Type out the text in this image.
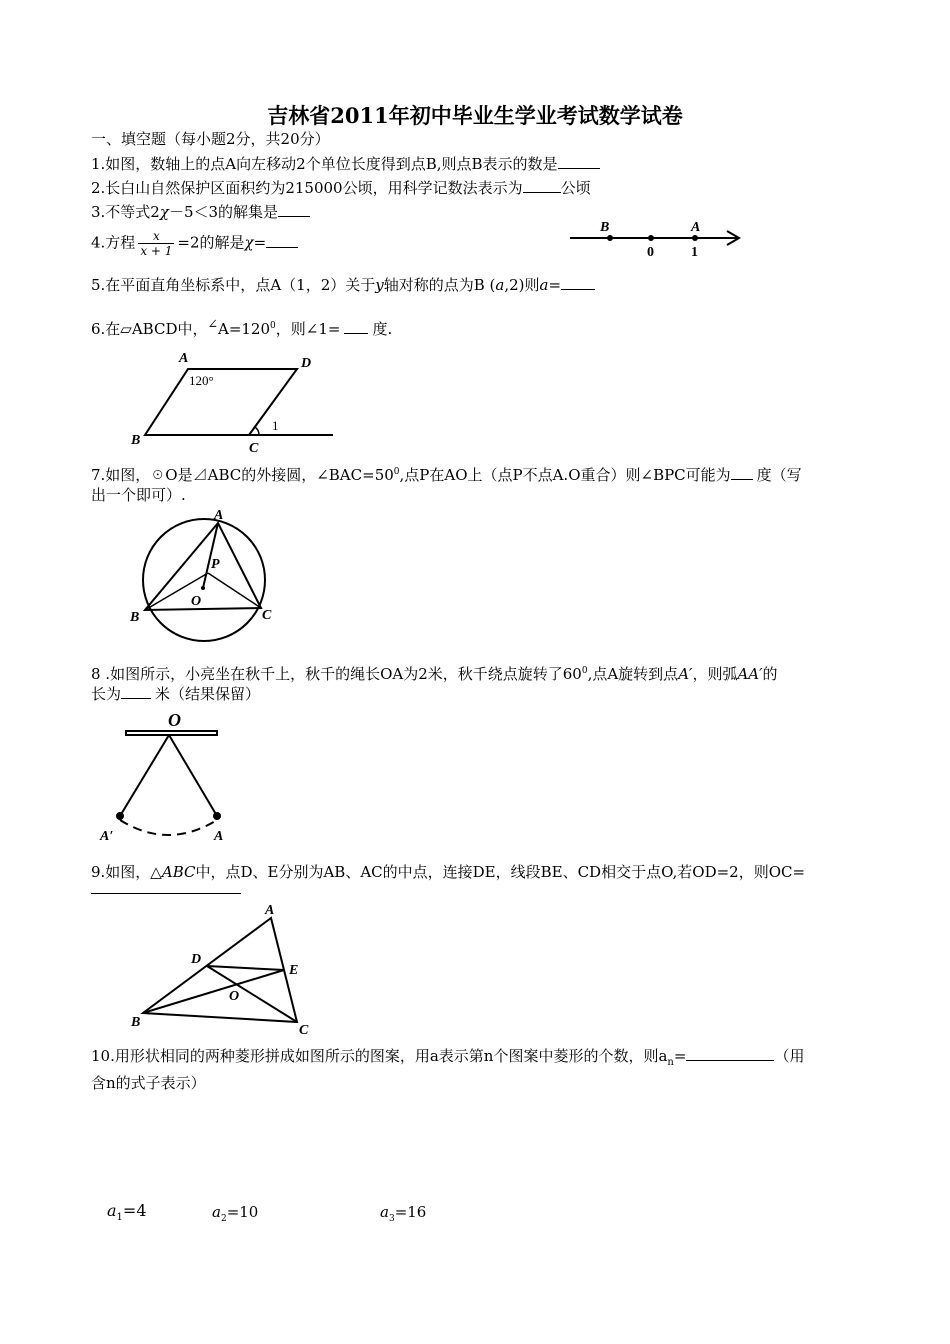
吉林省2011年初中毕业生学业考试数学试卷
一、填空题（每小题2分，共20分）
1.如图，数轴上的点A向左移动2个单位长度得到点B,则点B表示的数是
2.长白山自然保护区面积约为215000公顷，用科学记数法表示为	公顷
3.不等式2χ－5＜3的解集是
4.方程 $\frac{x}{x + 1} =2$的解是χ=
B	A
0	1
5.在平面直角坐标系中，点A（1，2）关于y轴对称的点为B (a,2)则a=
6.在▱ABCD中，$^\angle A=120^0$，则∠1= 度.
A	D
B
C
120°
1
7.如图，☉O是⊿ABC的外接圆，$\angle BAC=50^0$,点P在AO上（点P不点A.O重合）则∠BPC可能为 度（写
出一个即可）.
A
B	C
P
O
8 .如图所示，小亮坐在秋千上，秋千的绳长OA为2米，秋千绕点旋转了$60^0$,点A旋转到点A′，则弧AA′的
长为 米（结果保留）
O
A′	A
9.如图，△ABC中，点D、E分别为AB、AC的中点，连接DE，线段BE、CD相交于点O,若OD=2，则OC=
A
B
C
D
E
O
10.用形状相同的两种菱形拼成如图所示的图案，用a表示第n个图案中菱形的个数，则$a_n=$	（用
含n的式子表示）
$a_1=4$	$a_2=10$	$a_3=16$
